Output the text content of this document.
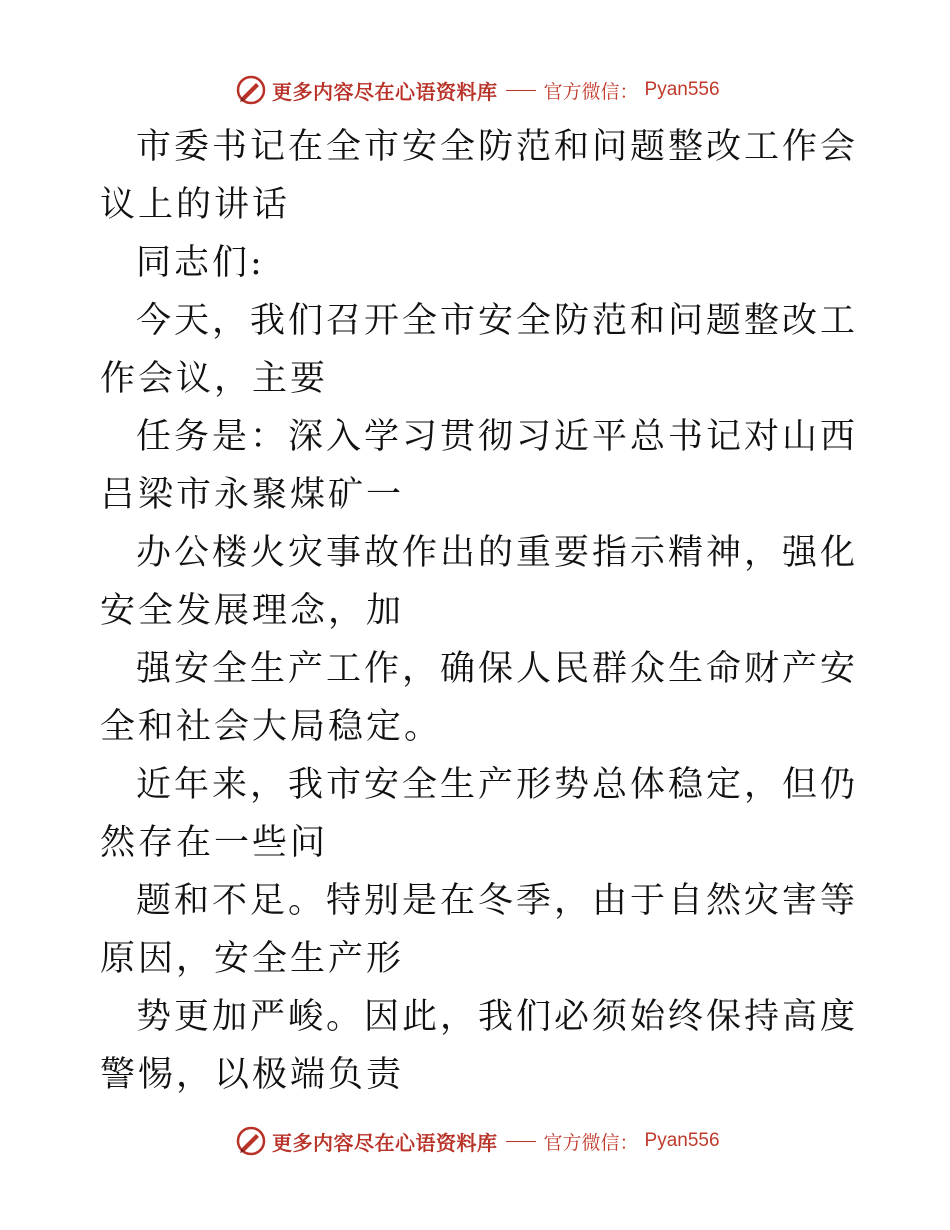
更多内容尽在心语资料库 官方微信： Pyan556

市委书记在全市安全防范和问题整改工作会议上的讲话

同志们:

今天，我们召开全市安全防范和问题整改工作会议，主要

任务是：深入学习贯彻习近平总书记对山西吕梁市永聚煤矿一

办公楼火灾事故作出的重要指示精神，强化安全发展理念，加

强安全生产工作，确保人民群众生命财产安全和社会大局稳定。

近年来，我市安全生产形势总体稳定，但仍然存在一些问

题和不足。特别是在冬季，由于自然灾害等原因，安全生产形

势更加严峻。因此，我们必须始终保持高度警惕，以极端负责

更多内容尽在心语资料库 官方微信： Pyan556
